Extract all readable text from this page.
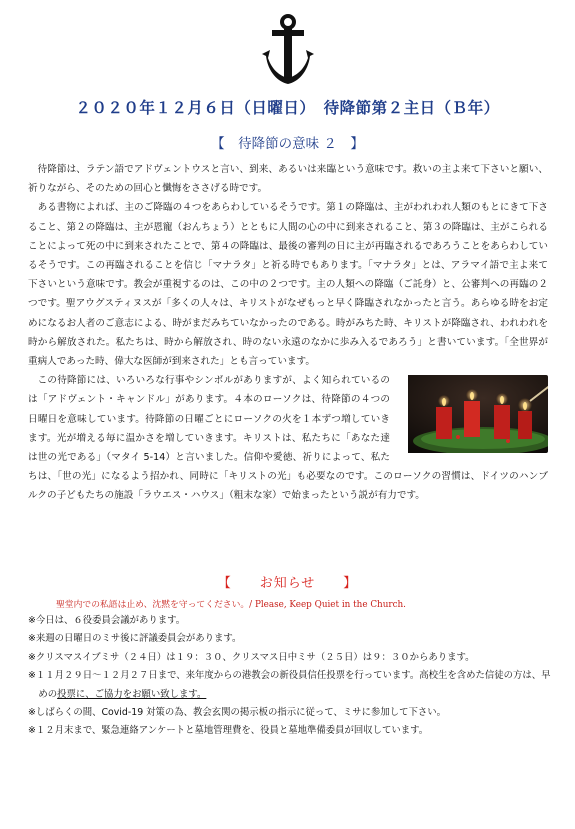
２０２０年１２月６日（日曜日）　待降節第２主日（Ｂ年）
【　待降節の意味 ２　】

待降節は、ラテン語でアドヴェントウスと言い、到来、あるいは来臨という意味です。救いの主よ来て下さいと願い、祈りながら、そのための回心と懺悔をささげる時です。

ある書物によれば、主のご降臨の４つをあらわしているそうです。第１の降臨は、主がわれわれ人類のもとにきて下さること、第２の降臨は、主が恩寵（おんちょう）とともに人間の心の中に到来されること、第３の降臨は、主がこられることによって死の中に到来されたことで、第４の降臨は、最後の審判の日に主が再臨されるであろうことをあらわしているそうです。この再臨されることを信じ「マナラタ」と祈る時でもあります。「マナラタ」とは、アラマイ語で主よ来て下さいという意味です。教会が重視するのは、この中の２つです。主の人類への降臨（ご託身）と、公審判への再臨の２つです。聖アウグスティヌスが「多くの人々は、キリストがなぜもっと早く降臨されなかったと言う。あらゆる時をお定めになるお人者のご意志による、時がまだみちていなかったのである。時がみちた時、キリストが降臨され、われわれを時から解放された。私たちは、時から解放され、時のない永遠のなかに歩み入るであろう」と書いています。「全世界が重病人であった時、偉大な医師が到来された」とも言っています。

この待降節には、いろいろな行事やシンボルがありますが、よく知られているのは「アドヴェント・キャンドル」があります。４本のローソクは、待降節の４つの日曜日を意味しています。待降節の日曜ごとにローソクの火を１本ずつ増していきます。光が増える毎に温かさを増していきます。キリストは、私たちに「あなた達は世の光である」（マタイ 5-14）と言いました。信仰や愛徳、祈りによって、私たちは、「世の光」になるよう招かれ、同時に「キリストの光」も必要なのです。このローソクの習慣は、ドイツのハンブルクの子どもたちの施設「ラウエス・ハウス」（粗末な家）で始まったという説が有力です。

【　　お知らせ　　】
聖堂内での私語は止め、沈黙を守ってください。/ Please, Keep Quiet in the Church.
※今日は、６役委員会議があります。
※来週の日曜日のミサ後に評議委員会があります。
※クリスマスイブミサ（２４日）は１９：３０、クリスマス日中ミサ（２５日）は９：３０からあります。
※１１月２９日～１２月２７日まで、来年度からの港教会の新役員信任投票を行っています。高校生を含めた信徒の方は、早めの投票に、ご協力をお願い致します。
※しばらくの間、Covid-19 対策の為、教会玄関の掲示板の指示に従って、ミサに参加して下さい。
※１２月末まで、緊急連絡アンケートと墓地管理費を、役員と墓地準備委員が回収しています。
